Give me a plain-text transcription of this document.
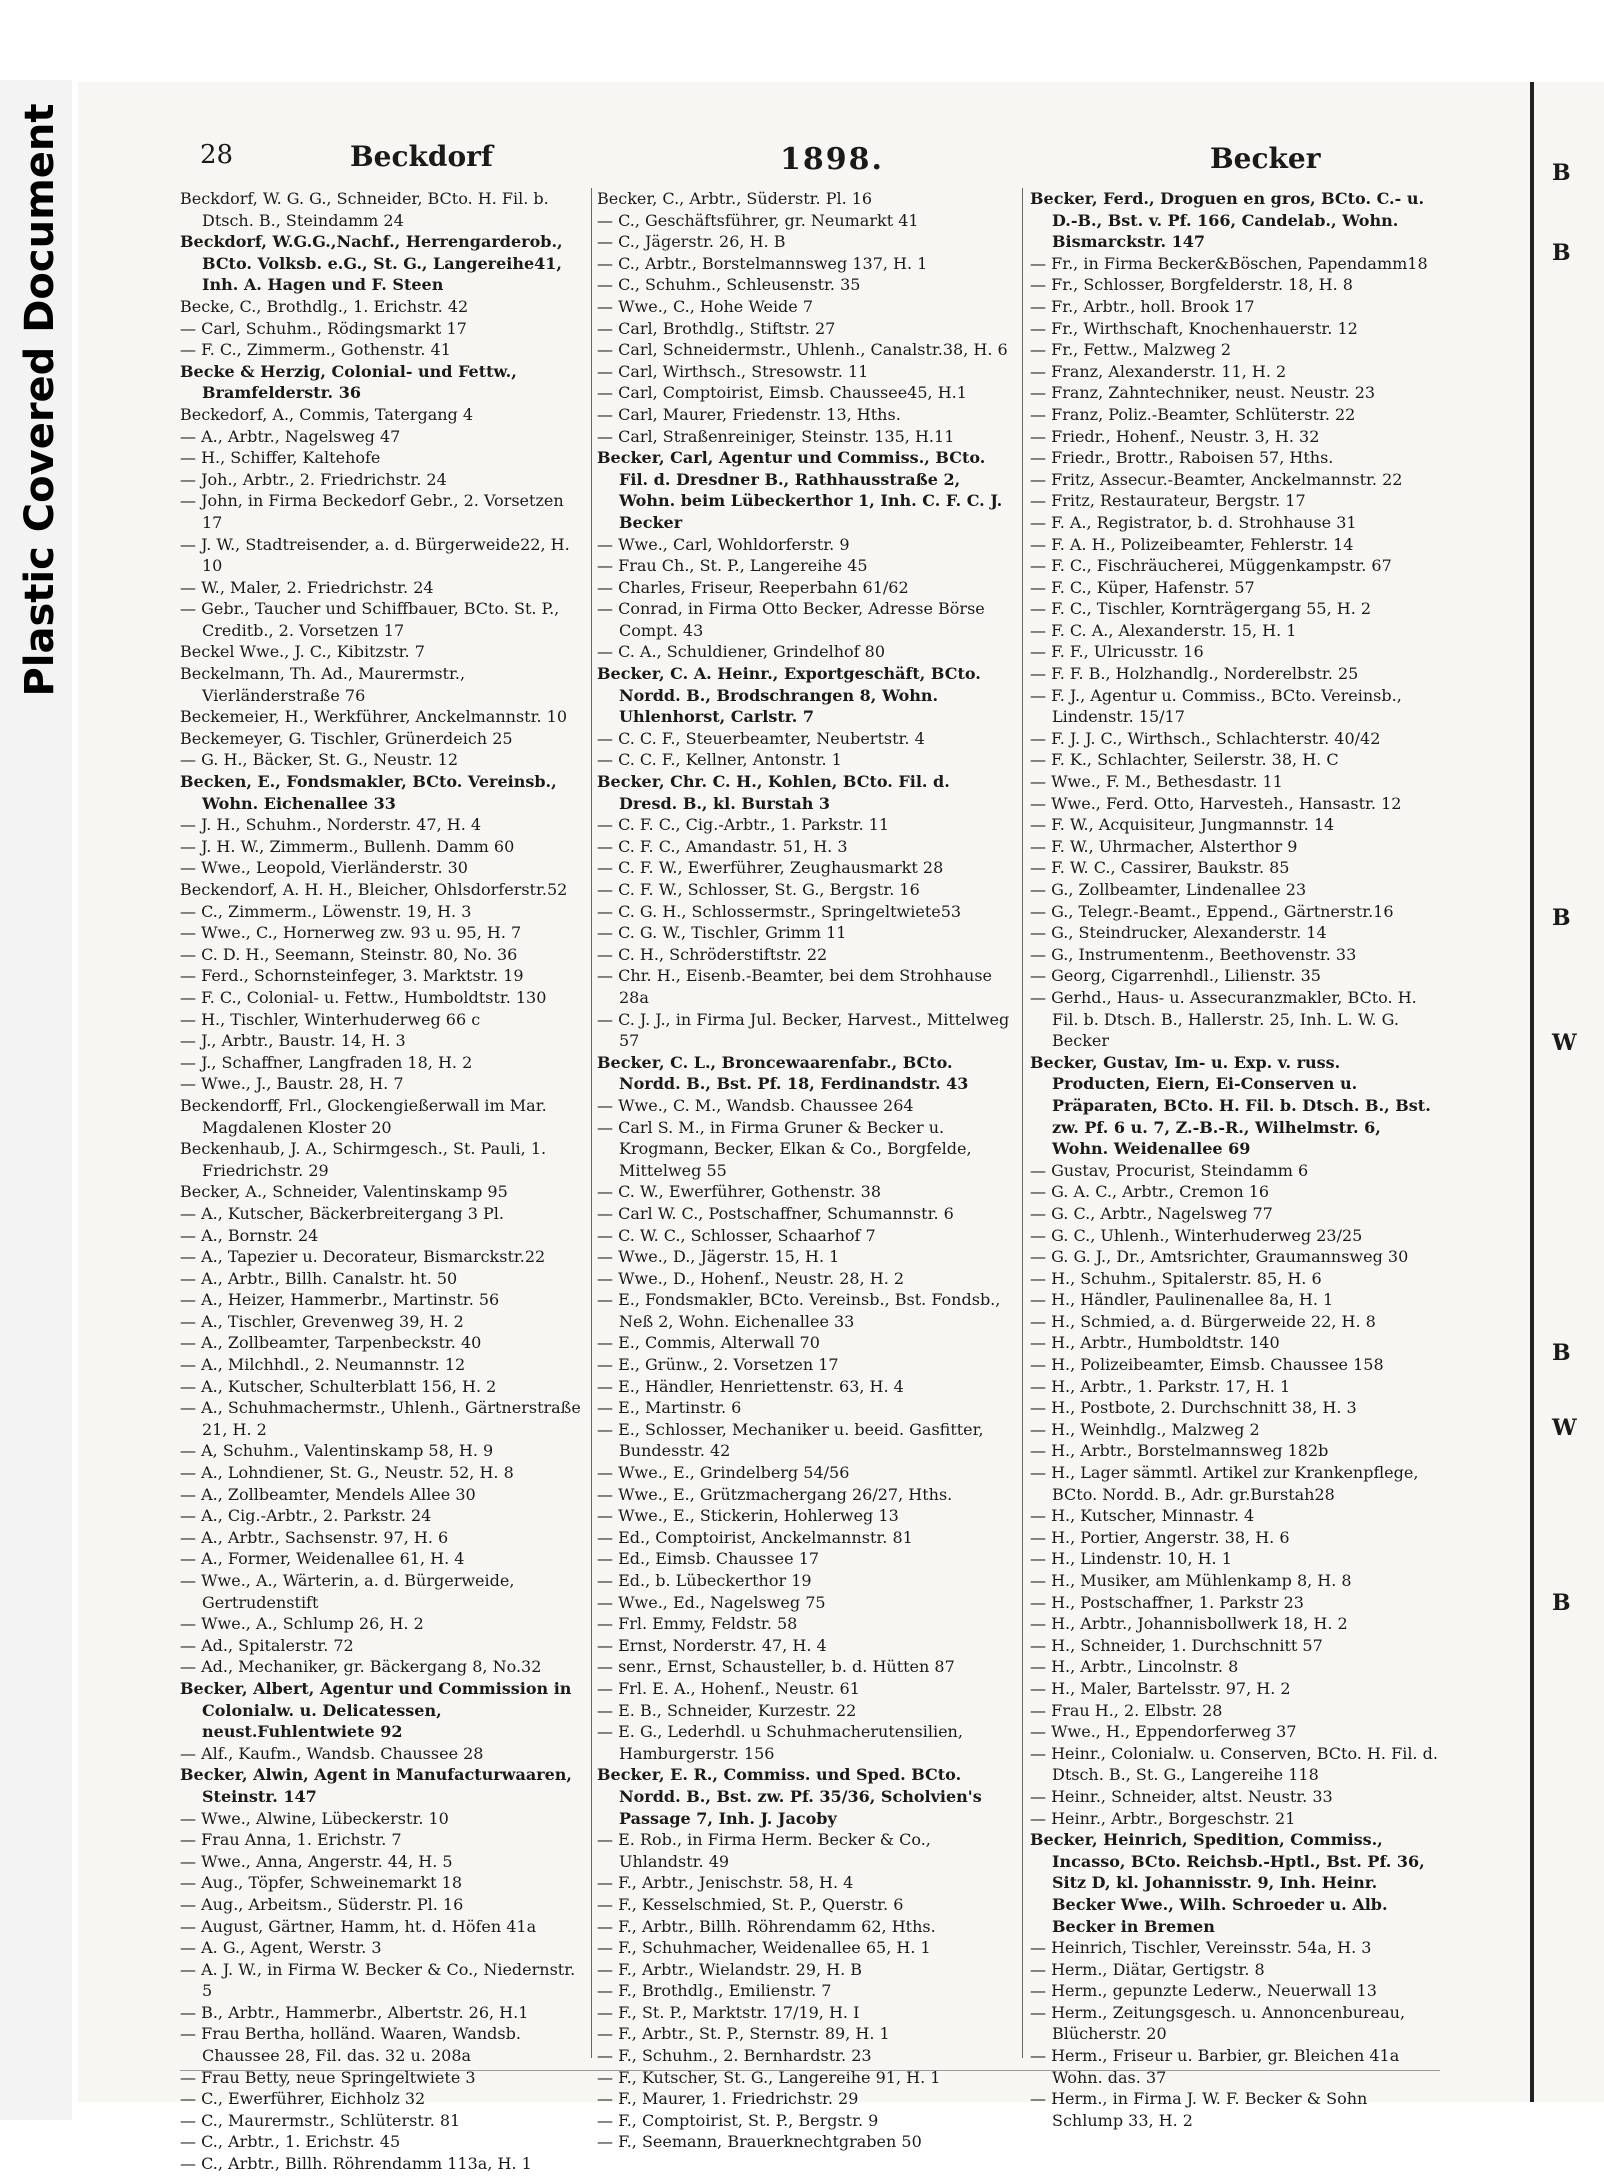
Plastic Covered Document	B
B
B
W
B
W
B
28	Beckdorf	1898.	Becker

Beckdorf, W. G. G., Schneider, BCto. H. Fil. b. Dtsch. B., Steindamm 24

Beckdorf, W.G.G.,Nachf., Herrengarderob., BCto. Volksb. e.G., St. G., Langereihe41, Inh. A. Hagen und F. Steen

Becke, C., Brothdlg., 1. Erichstr. 42

— Carl, Schuhm., Rödingsmarkt 17

— F. C., Zimmerm., Gothenstr. 41

Becke & Herzig, Colonial- und Fettw., Bramfelderstr. 36

Beckedorf, A., Commis, Tatergang 4

— A., Arbtr., Nagelsweg 47

— H., Schiffer, Kaltehofe

— Joh., Arbtr., 2. Friedrichstr. 24

— John, in Firma Beckedorf Gebr., 2. Vorsetzen 17

— J. W., Stadtreisender, a. d. Bürgerweide22, H. 10

— W., Maler, 2. Friedrichstr. 24

— Gebr., Taucher und Schiffbauer, BCto. St. P., Creditb., 2. Vorsetzen 17

Beckel Wwe., J. C., Kibitzstr. 7

Beckelmann, Th. Ad., Maurermstr., Vierländerstraße 76

Beckemeier, H., Werkführer, Anckelmannstr. 10

Beckemeyer, G. Tischler, Grünerdeich 25

— G. H., Bäcker, St. G., Neustr. 12

Becken, E., Fondsmakler, BCto. Vereinsb., Wohn. Eichenallee 33

— J. H., Schuhm., Norderstr. 47, H. 4

— J. H. W., Zimmerm., Bullenh. Damm 60

— Wwe., Leopold, Vierländerstr. 30

Beckendorf, A. H. H., Bleicher, Ohlsdorferstr.52

— C., Zimmerm., Löwenstr. 19, H. 3

— Wwe., C., Hornerweg zw. 93 u. 95, H. 7

— C. D. H., Seemann, Steinstr. 80, No. 36

— Ferd., Schornsteinfeger, 3. Marktstr. 19

— F. C., Colonial- u. Fettw., Humboldtstr. 130

— H., Tischler, Winterhuderweg 66 c

— J., Arbtr., Baustr. 14, H. 3

— J., Schaffner, Langfraden 18, H. 2

— Wwe., J., Baustr. 28, H. 7

Beckendorff, Frl., Glockengießerwall im Mar. Magdalenen Kloster 20

Beckenhaub, J. A., Schirmgesch., St. Pauli, 1. Friedrichstr. 29

Becker, A., Schneider, Valentinskamp 95

— A., Kutscher, Bäckerbreitergang 3 Pl.

— A., Bornstr. 24

— A., Tapezier u. Decorateur, Bismarckstr.22

— A., Arbtr., Billh. Canalstr. ht. 50

— A., Heizer, Hammerbr., Martinstr. 56

— A., Tischler, Grevenweg 39, H. 2

— A., Zollbeamter, Tarpenbeckstr. 40

— A., Milchhdl., 2. Neumannstr. 12

— A., Kutscher, Schulterblatt 156, H. 2

— A., Schuhmachermstr., Uhlenh., Gärtnerstraße 21, H. 2

— A, Schuhm., Valentinskamp 58, H. 9

— A., Lohndiener, St. G., Neustr. 52, H. 8

— A., Zollbeamter, Mendels Allee 30

— A., Cig.-Arbtr., 2. Parkstr. 24

— A., Arbtr., Sachsenstr. 97, H. 6

— A., Former, Weidenallee 61, H. 4

— Wwe., A., Wärterin, a. d. Bürgerweide, Gertrudenstift

— Wwe., A., Schlump 26, H. 2

— Ad., Spitalerstr. 72

— Ad., Mechaniker, gr. Bäckergang 8, No.32

Becker, Albert, Agentur und Commission in Colonialw. u. Delicatessen, neust.Fuhlentwiete 92

— Alf., Kaufm., Wandsb. Chaussee 28

Becker, Alwin, Agent in Manufacturwaaren, Steinstr. 147

— Wwe., Alwine, Lübeckerstr. 10

— Frau Anna, 1. Erichstr. 7

— Wwe., Anna, Angerstr. 44, H. 5

— Aug., Töpfer, Schweinemarkt 18

— Aug., Arbeitsm., Süderstr. Pl. 16

— August, Gärtner, Hamm, ht. d. Höfen 41a

— A. G., Agent, Werstr. 3

— A. J. W., in Firma W. Becker & Co., Niedernstr. 5

— B., Arbtr., Hammerbr., Albertstr. 26, H.1

— Frau Bertha, holländ. Waaren, Wandsb. Chaussee 28, Fil. das. 32 u. 208a

— Frau Betty, neue Springeltwiete 3

— C., Ewerführer, Eichholz 32

— C., Maurermstr., Schlüterstr. 81

— C., Arbtr., 1. Erichstr. 45

— C., Arbtr., Billh. Röhrendamm 113a, H. 1

Becker, C., Arbtr., Süderstr. Pl. 16

— C., Geschäftsführer, gr. Neumarkt 41

— C., Jägerstr. 26, H. B

— C., Arbtr., Borstelmannsweg 137, H. 1

— C., Schuhm., Schleusenstr. 35

— Wwe., C., Hohe Weide 7

— Carl, Brothdlg., Stiftstr. 27

— Carl, Schneidermstr., Uhlenh., Canalstr.38, H. 6

— Carl, Wirthsch., Stresowstr. 11

— Carl, Comptoirist, Eimsb. Chaussee45, H.1

— Carl, Maurer, Friedenstr. 13, Hths.

— Carl, Straßenreiniger, Steinstr. 135, H.11

Becker, Carl, Agentur und Commiss., BCto. Fil. d. Dresdner B., Rathhausstraße 2, Wohn. beim Lübeckerthor 1, Inh. C. F. C. J. Becker

— Wwe., Carl, Wohldorferstr. 9

— Frau Ch., St. P., Langereihe 45

— Charles, Friseur, Reeperbahn 61/62

— Conrad, in Firma Otto Becker, Adresse Börse Compt. 43

— C. A., Schuldiener, Grindelhof 80

Becker, C. A. Heinr., Exportgeschäft, BCto. Nordd. B., Brodschrangen 8, Wohn. Uhlenhorst, Carlstr. 7

— C. C. F., Steuerbeamter, Neubertstr. 4

— C. C. F., Kellner, Antonstr. 1

Becker, Chr. C. H., Kohlen, BCto. Fil. d. Dresd. B., kl. Burstah 3

— C. F. C., Cig.-Arbtr., 1. Parkstr. 11

— C. F. C., Amandastr. 51, H. 3

— C. F. W., Ewerführer, Zeughausmarkt 28

— C. F. W., Schlosser, St. G., Bergstr. 16

— C. G. H., Schlossermstr., Springeltwiete53

— C. G. W., Tischler, Grimm 11

— C. H., Schröderstiftstr. 22

— Chr. H., Eisenb.-Beamter, bei dem Strohhause 28a

— C. J. J., in Firma Jul. Becker, Harvest., Mittelweg 57

Becker, C. L., Broncewaarenfabr., BCto. Nordd. B., Bst. Pf. 18, Ferdinandstr. 43

— Wwe., C. M., Wandsb. Chaussee 264

— Carl S. M., in Firma Gruner & Becker u. Krogmann, Becker, Elkan & Co., Borgfelde, Mittelweg 55

— C. W., Ewerführer, Gothenstr. 38

— Carl W. C., Postschaffner, Schumannstr. 6

— C. W. C., Schlosser, Schaarhof 7

— Wwe., D., Jägerstr. 15, H. 1

— Wwe., D., Hohenf., Neustr. 28, H. 2

— E., Fondsmakler, BCto. Vereinsb., Bst. Fondsb., Neß 2, Wohn. Eichenallee 33

— E., Commis, Alterwall 70

— E., Grünw., 2. Vorsetzen 17

— E., Händler, Henriettenstr. 63, H. 4

— E., Martinstr. 6

— E., Schlosser, Mechaniker u. beeid. Gasfitter, Bundesstr. 42

— Wwe., E., Grindelberg 54/56

— Wwe., E., Grützmachergang 26/27, Hths.

— Wwe., E., Stickerin, Hohlerweg 13

— Ed., Comptoirist, Anckelmannstr. 81

— Ed., Eimsb. Chaussee 17

— Ed., b. Lübeckerthor 19

— Wwe., Ed., Nagelsweg 75

— Frl. Emmy, Feldstr. 58

— Ernst, Norderstr. 47, H. 4

— senr., Ernst, Schausteller, b. d. Hütten 87

— Frl. E. A., Hohenf., Neustr. 61

— E. B., Schneider, Kurzestr. 22

— E. G., Lederhdl. u Schuhmacherutensilien, Hamburgerstr. 156

Becker, E. R., Commiss. und Sped. BCto. Nordd. B., Bst. zw. Pf. 35/36, Scholvien's Passage 7, Inh. J. Jacoby

— E. Rob., in Firma Herm. Becker & Co., Uhlandstr. 49

— F., Arbtr., Jenischstr. 58, H. 4

— F., Kesselschmied, St. P., Querstr. 6

— F., Arbtr., Billh. Röhrendamm 62, Hths.

— F., Schuhmacher, Weidenallee 65, H. 1

— F., Arbtr., Wielandstr. 29, H. B

— F., Brothdlg., Emilienstr. 7

— F., St. P., Marktstr. 17/19, H. I

— F., Arbtr., St. P., Sternstr. 89, H. 1

— F., Schuhm., 2. Bernhardstr. 23

— F., Kutscher, St. G., Langereihe 91, H. 1

— F., Maurer, 1. Friedrichstr. 29

— F., Comptoirist, St. P., Bergstr. 9

— F., Seemann, Brauerknechtgraben 50

Becker, Ferd., Droguen en gros, BCto. C.- u. D.-B., Bst. v. Pf. 166, Candelab., Wohn. Bismarckstr. 147

— Fr., in Firma Becker&Böschen, Papendamm18

— Fr., Schlosser, Borgfelderstr. 18, H. 8

— Fr., Arbtr., holl. Brook 17

— Fr., Wirthschaft, Knochenhauerstr. 12

— Fr., Fettw., Malzweg 2

— Franz, Alexanderstr. 11, H. 2

— Franz, Zahntechniker, neust. Neustr. 23

— Franz, Poliz.-Beamter, Schlüterstr. 22

— Friedr., Hohenf., Neustr. 3, H. 32

— Friedr., Brottr., Raboisen 57, Hths.

— Fritz, Assecur.-Beamter, Anckelmannstr. 22

— Fritz, Restaurateur, Bergstr. 17

— F. A., Registrator, b. d. Strohhause 31

— F. A. H., Polizeibeamter, Fehlerstr. 14

— F. C., Fischräucherei, Müggenkampstr. 67

— F. C., Küper, Hafenstr. 57

— F. C., Tischler, Kornträgergang 55, H. 2

— F. C. A., Alexanderstr. 15, H. 1

— F. F., Ulricusstr. 16

— F. F. B., Holzhandlg., Norderelbstr. 25

— F. J., Agentur u. Commiss., BCto. Vereinsb., Lindenstr. 15/17

— F. J. J. C., Wirthsch., Schlachterstr. 40/42

— F. K., Schlachter, Seilerstr. 38, H. C

— Wwe., F. M., Bethesdastr. 11

— Wwe., Ferd. Otto, Harvesteh., Hansastr. 12

— F. W., Acquisiteur, Jungmannstr. 14

— F. W., Uhrmacher, Alsterthor 9

— F. W. C., Cassirer, Baukstr. 85

— G., Zollbeamter, Lindenallee 23

— G., Telegr.-Beamt., Eppend., Gärtnerstr.16

— G., Steindrucker, Alexanderstr. 14

— G., Instrumentenm., Beethovenstr. 33

— Georg, Cigarrenhdl., Lilienstr. 35

— Gerhd., Haus- u. Assecuranzmakler, BCto. H. Fil. b. Dtsch. B., Hallerstr. 25, Inh. L. W. G. Becker

Becker, Gustav, Im- u. Exp. v. russ. Producten, Eiern, Ei-Conserven u. Präparaten, BCto. H. Fil. b. Dtsch. B., Bst. zw. Pf. 6 u. 7, Z.-B.-R., Wilhelmstr. 6, Wohn. Weidenallee 69

— Gustav, Procurist, Steindamm 6

— G. A. C., Arbtr., Cremon 16

— G. C., Arbtr., Nagelsweg 77

— G. C., Uhlenh., Winterhuderweg 23/25

— G. G. J., Dr., Amtsrichter, Graumannsweg 30

— H., Schuhm., Spitalerstr. 85, H. 6

— H., Händler, Paulinenallee 8a, H. 1

— H., Schmied, a. d. Bürgerweide 22, H. 8

— H., Arbtr., Humboldtstr. 140

— H., Polizeibeamter, Eimsb. Chaussee 158

— H., Arbtr., 1. Parkstr. 17, H. 1

— H., Postbote, 2. Durchschnitt 38, H. 3

— H., Weinhdlg., Malzweg 2

— H., Arbtr., Borstelmannsweg 182b

— H., Lager sämmtl. Artikel zur Krankenpflege, BCto. Nordd. B., Adr. gr.Burstah28

— H., Kutscher, Minnastr. 4

— H., Portier, Angerstr. 38, H. 6

— H., Lindenstr. 10, H. 1

— H., Musiker, am Mühlenkamp 8, H. 8

— H., Postschaffner, 1. Parkstr 23

— H., Arbtr., Johannisbollwerk 18, H. 2

— H., Schneider, 1. Durchschnitt 57

— H., Arbtr., Lincolnstr. 8

— H., Maler, Bartelsstr. 97, H. 2

— Frau H., 2. Elbstr. 28

— Wwe., H., Eppendorferweg 37

— Heinr., Colonialw. u. Conserven, BCto. H. Fil. d. Dtsch. B., St. G., Langereihe 118

— Heinr., Schneider, altst. Neustr. 33

— Heinr., Arbtr., Borgeschstr. 21

Becker, Heinrich, Spedition, Commiss., Incasso, BCto. Reichsb.-Hptl., Bst. Pf. 36, Sitz D, kl. Johannisstr. 9, Inh. Heinr. Becker Wwe., Wilh. Schroeder u. Alb. Becker in Bremen

— Heinrich, Tischler, Vereinsstr. 54a, H. 3

— Herm., Diätar, Gertigstr. 8

— Herm., gepunzte Lederw., Neuerwall 13

— Herm., Zeitungsgesch. u. Annoncenbureau, Blücherstr. 20

— Herm., Friseur u. Barbier, gr. Bleichen 41a Wohn. das. 37

— Herm., in Firma J. W. F. Becker & Sohn Schlump 33, H. 2
